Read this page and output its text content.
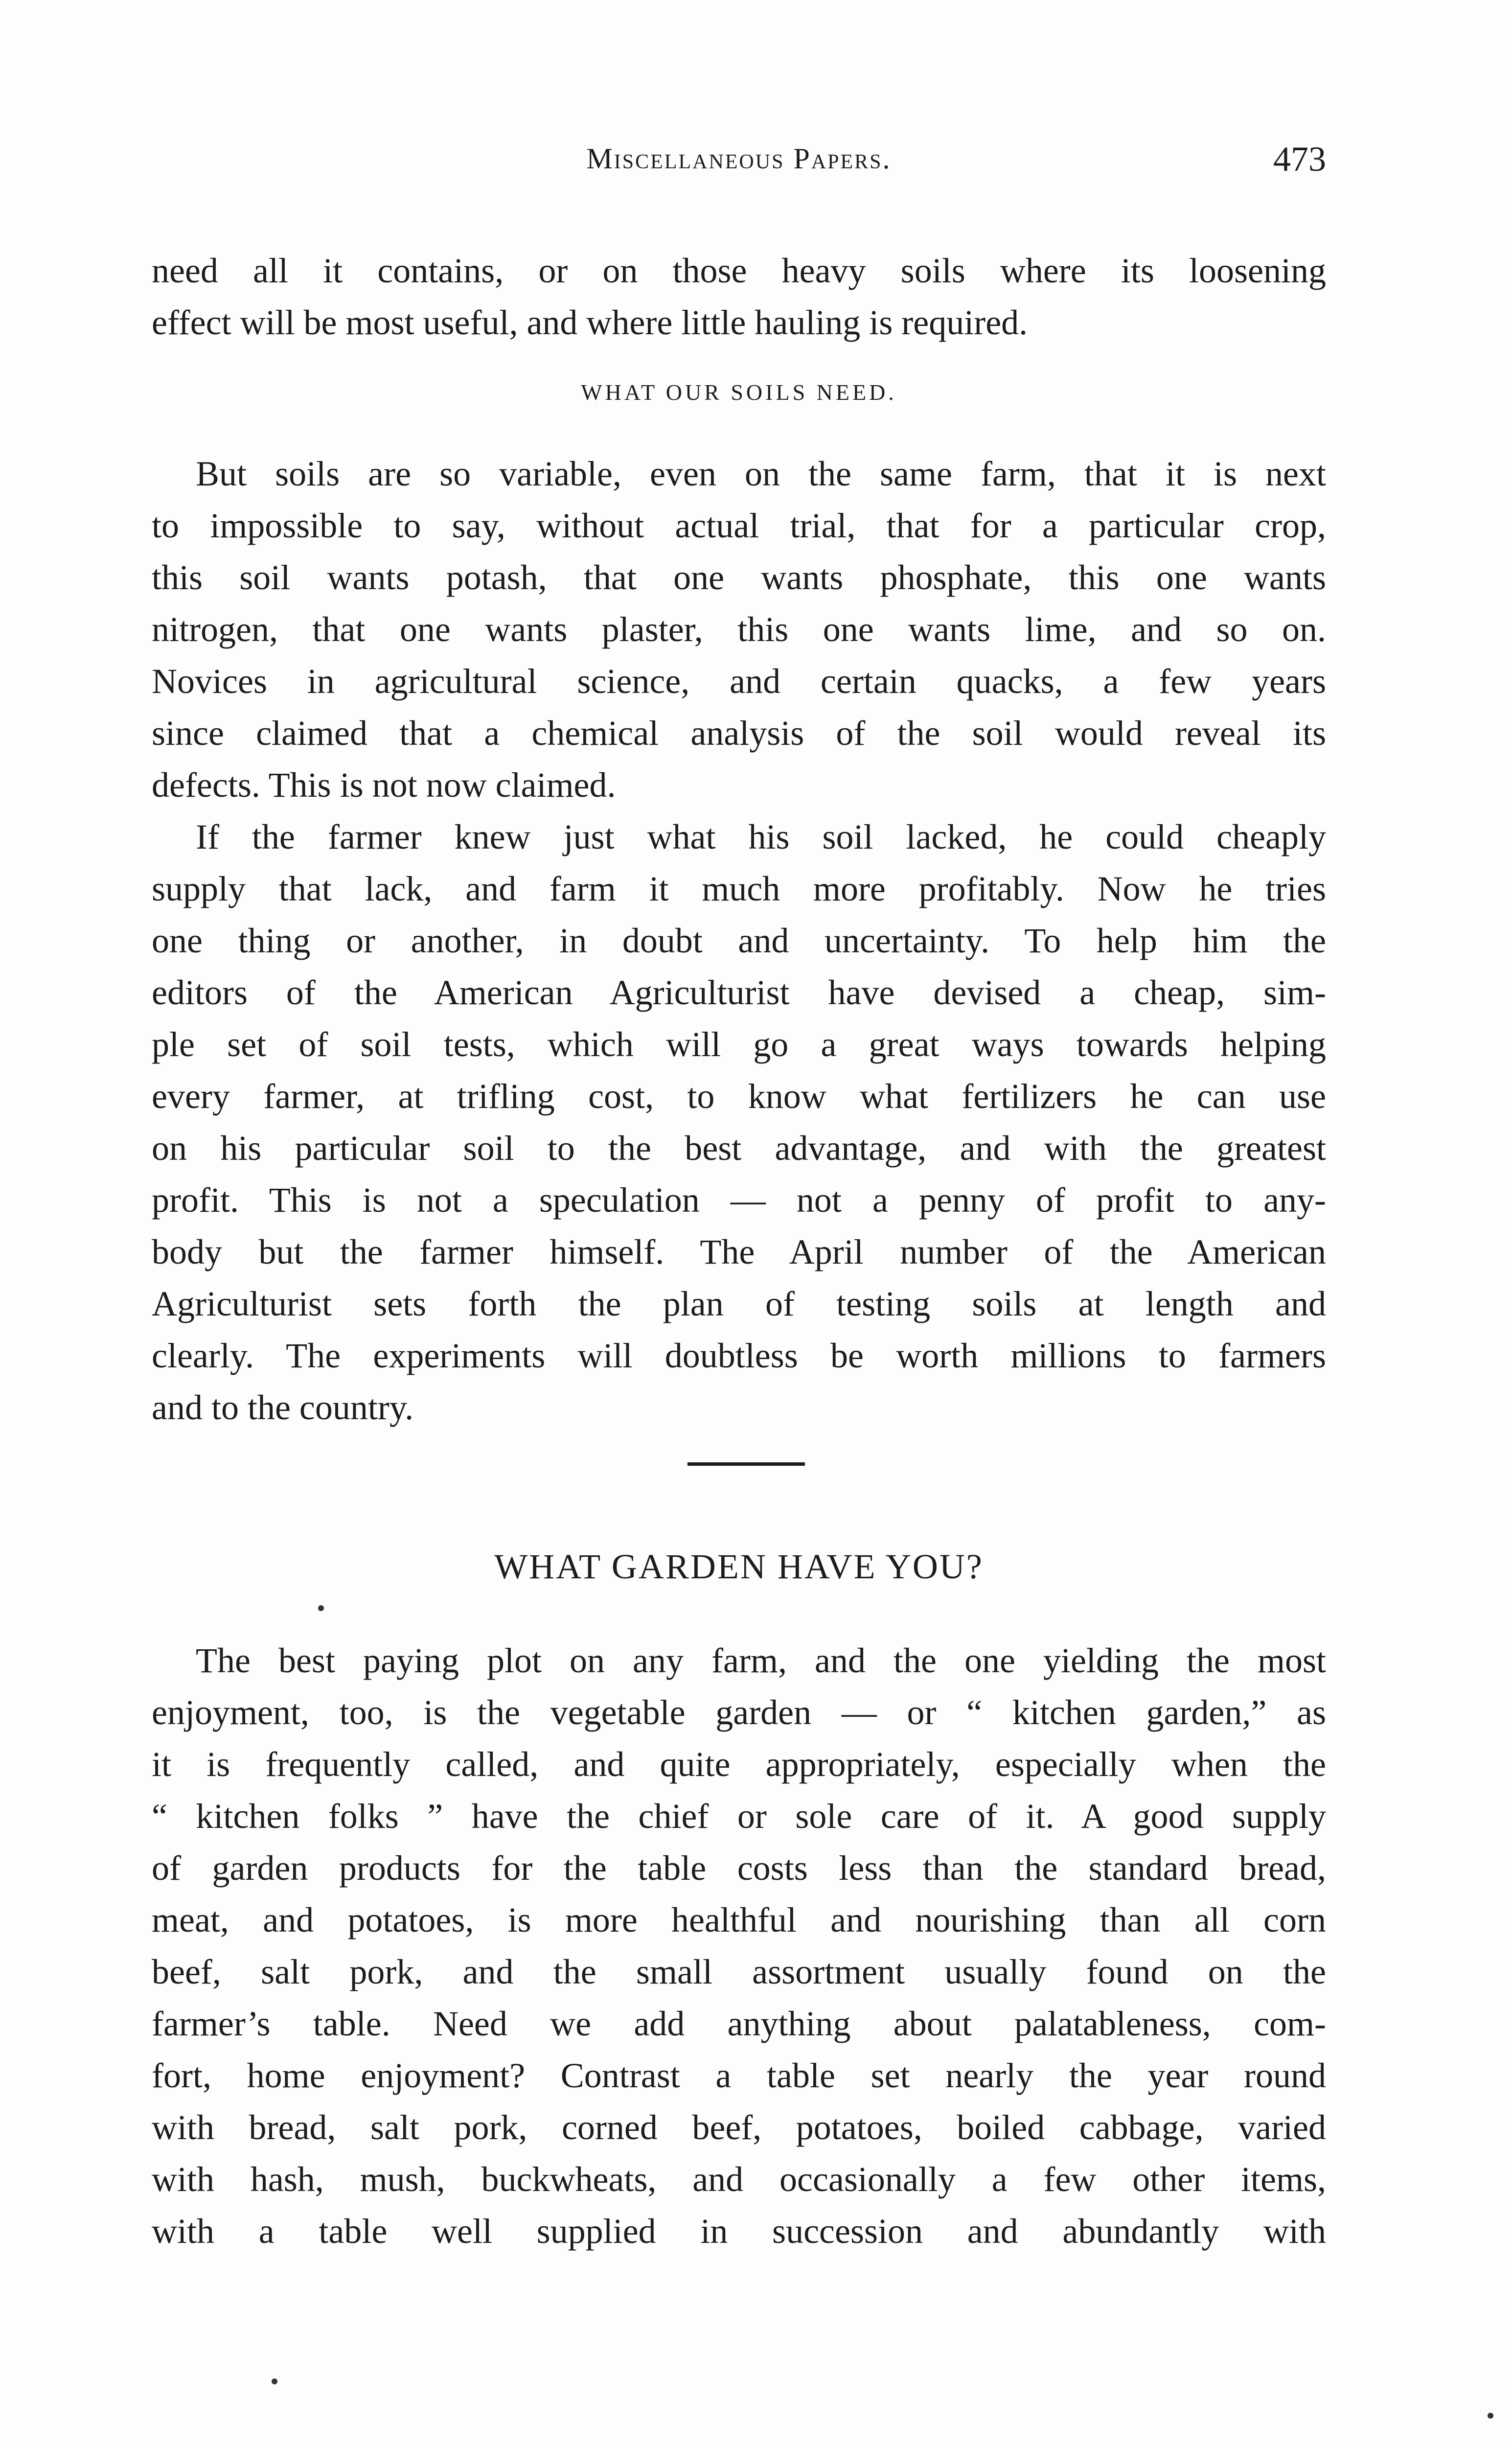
Miscellaneous Papers.	473
need all it contains, or on those heavy soils where its loosening
effect will be most useful, and where little hauling is required.
WHAT OUR SOILS NEED.
But soils are so variable, even on the same farm, that it is next
to impossible to say, without actual trial, that for a particular crop,
this soil wants potash, that one wants phosphate, this one wants
nitrogen, that one wants plaster, this one wants lime, and so on.
Novices in agricultural science, and certain quacks, a few years
since claimed that a chemical analysis of the soil would reveal its
defects. This is not now claimed.
If the farmer knew just what his soil lacked, he could cheaply
supply that lack, and farm it much more profitably. Now he tries
one thing or another, in doubt and uncertainty. To help him the
editors of the American Agriculturist have devised a cheap, sim-
ple set of soil tests, which will go a great ways towards helping
every farmer, at trifling cost, to know what fertilizers he can use
on his particular soil to the best advantage, and with the greatest
profit. This is not a speculation — not a penny of profit to any-
body but the farmer himself. The April number of the American
Agriculturist sets forth the plan of testing soils at length and
clearly. The experiments will doubtless be worth millions to farmers
and to the country.
WHAT GARDEN HAVE YOU?
The best paying plot on any farm, and the one yielding the most
enjoyment, too, is the vegetable garden — or “ kitchen garden,” as
it is frequently called, and quite appropriately, especially when the
“ kitchen folks ” have the chief or sole care of it. A good supply
of garden products for the table costs less than the standard bread,
meat, and potatoes, is more healthful and nourishing than all corn
beef, salt pork, and the small assortment usually found on the
farmer’s table. Need we add anything about palatableness, com-
fort, home enjoyment? Contrast a table set nearly the year round
with bread, salt pork, corned beef, potatoes, boiled cabbage, varied
with hash, mush, buckwheats, and occasionally a few other items,
with a table well supplied in succession and abundantly with
